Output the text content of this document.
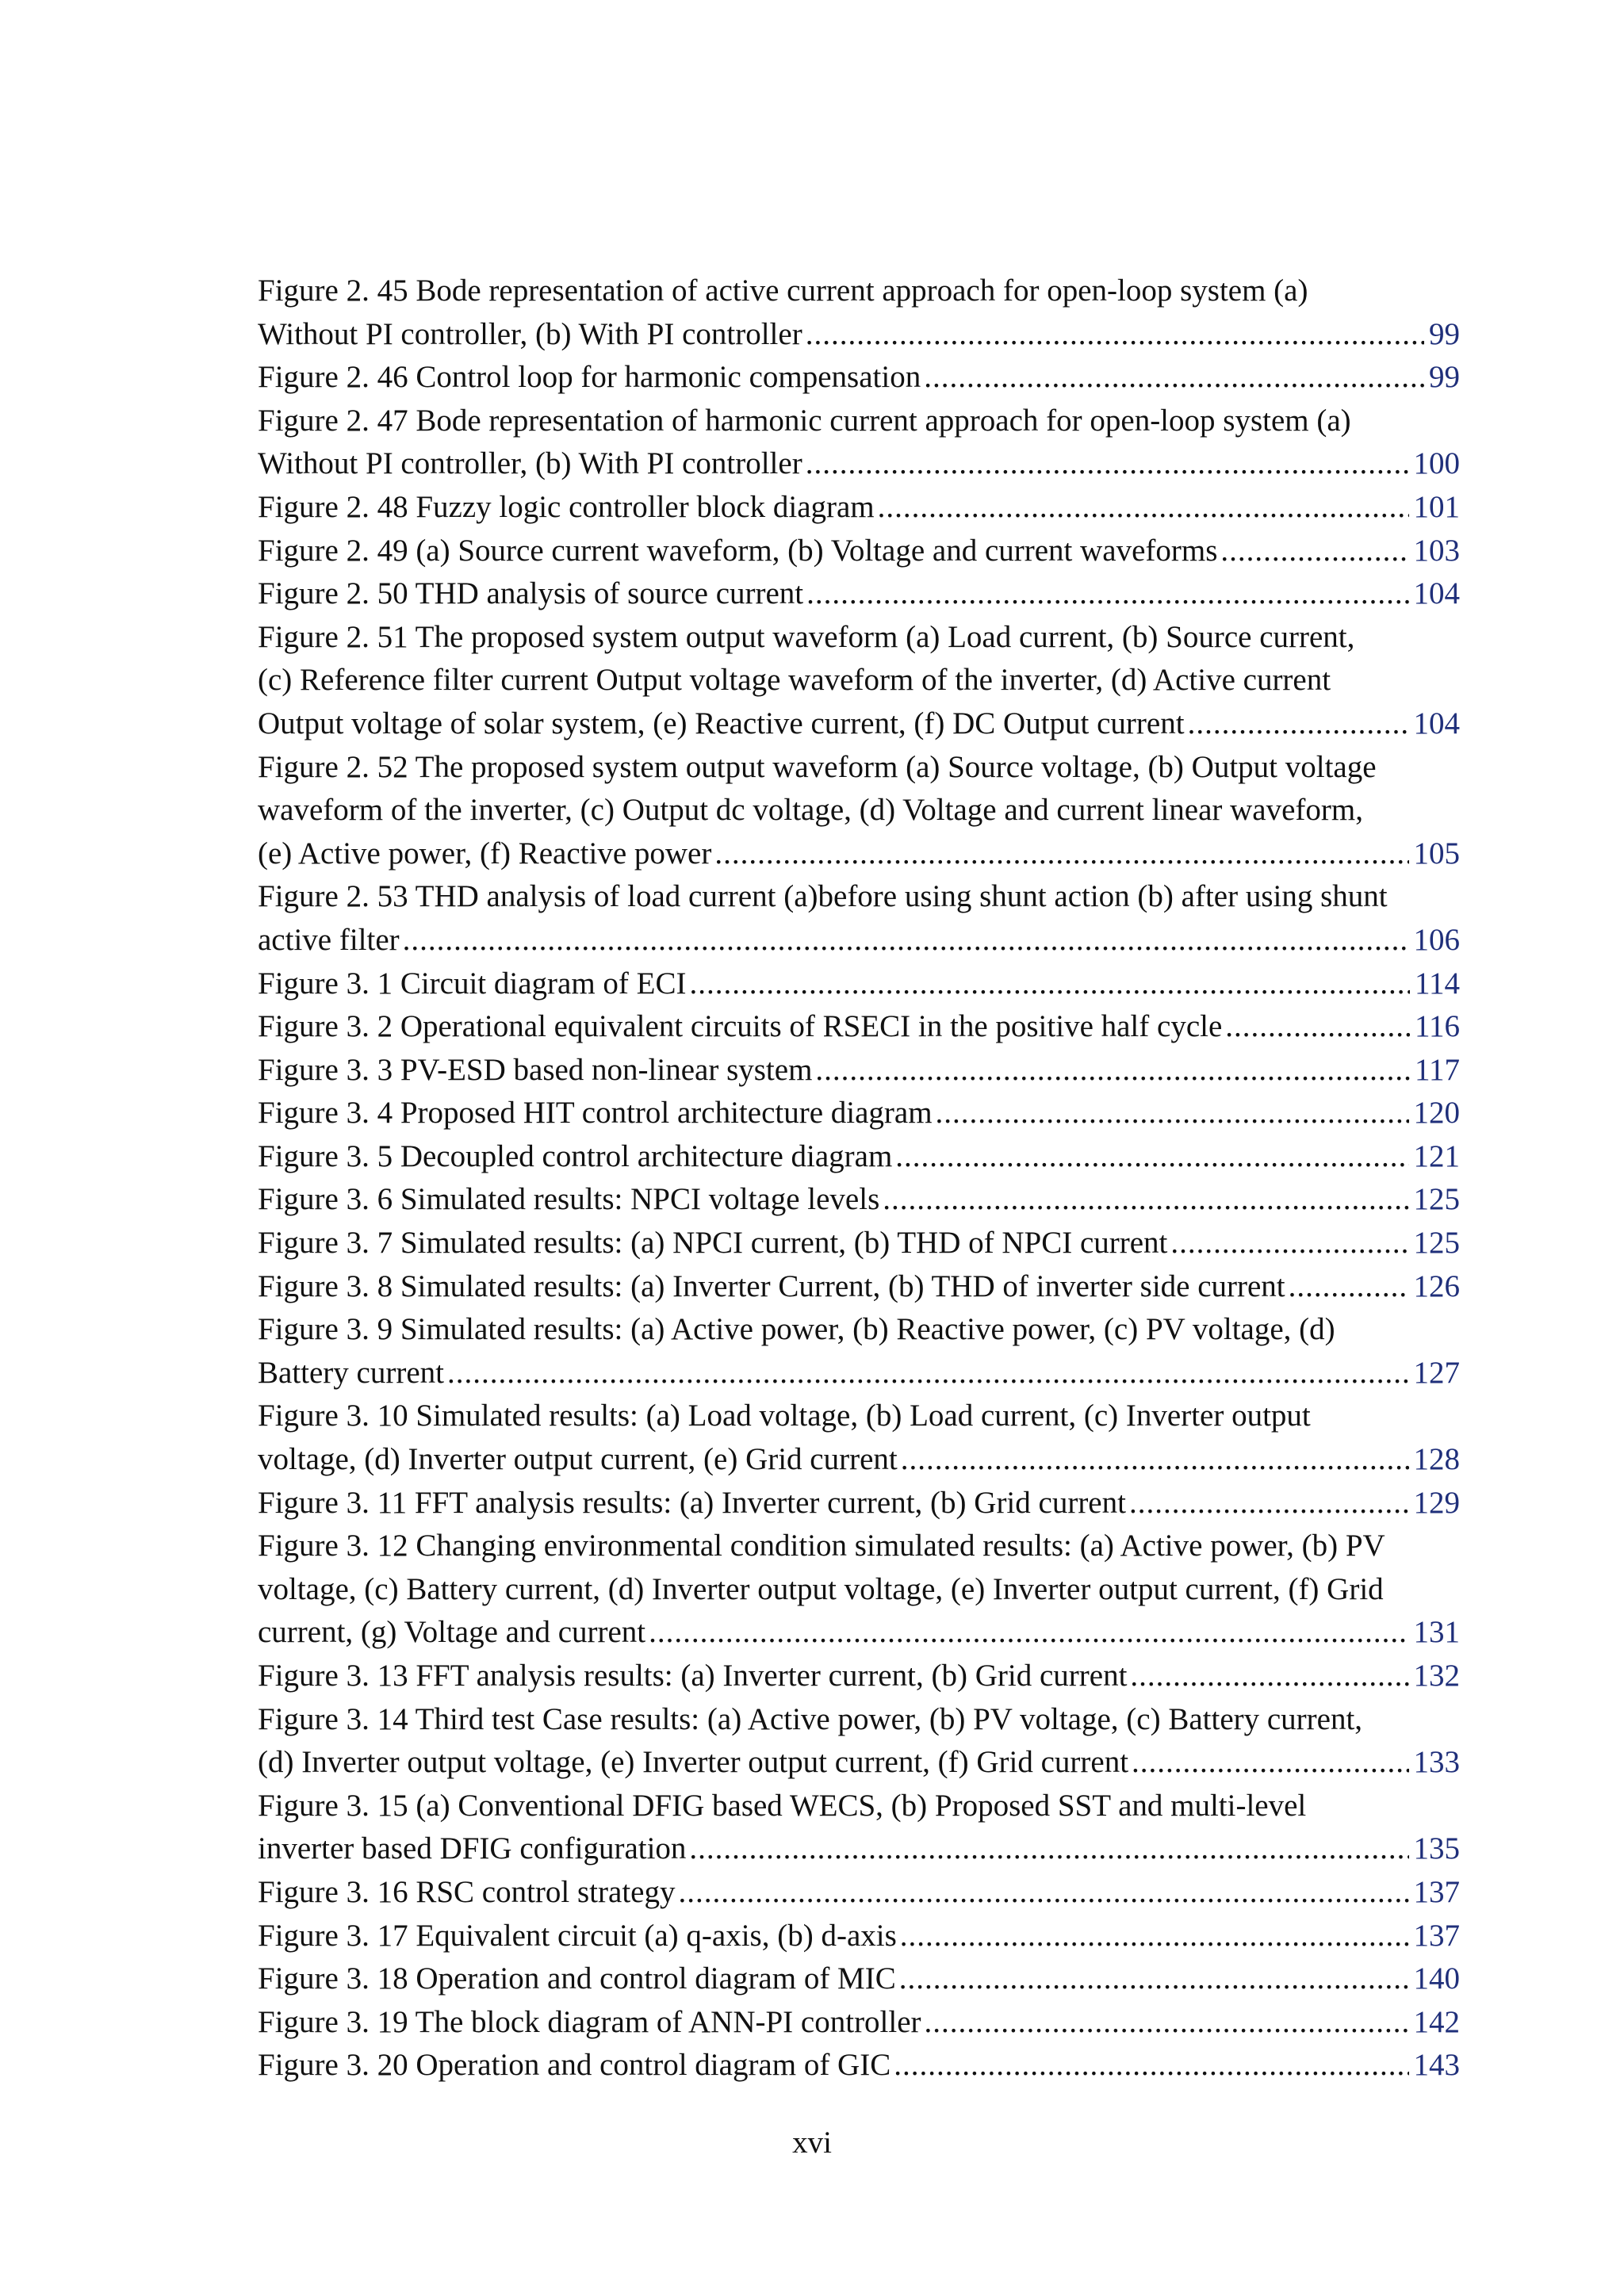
Figure 2. 45 Bode representation of active current approach for open-loop system (a)
Without PI controller, (b) With PI controller .....	99
Figure 2. 46 Control loop for harmonic compensation .....	99
Figure 2. 47 Bode representation of harmonic current approach for open-loop system (a)
Without PI controller, (b) With PI controller .....	100
Figure 2. 48 Fuzzy logic controller block diagram .....	101
Figure 2. 49 (a) Source current waveform, (b) Voltage and current waveforms .....	103
Figure 2. 50 THD analysis of source current .....	104
Figure 2. 51 The proposed system output waveform (a) Load current, (b) Source current,
(c) Reference filter current Output voltage waveform of the inverter, (d) Active current
Output voltage of solar system, (e) Reactive current, (f) DC Output current .....	104
Figure 2. 52 The proposed system output waveform (a) Source voltage, (b) Output voltage
waveform of the inverter, (c) Output dc voltage, (d) Voltage and current linear waveform,
(e) Active power, (f) Reactive power .....	105
Figure 2. 53 THD analysis of load current (a)before using shunt action (b) after using shunt
active filter .....	106
Figure 3. 1 Circuit diagram of ECI .....	114
Figure 3. 2 Operational equivalent circuits of RSECI in the positive half cycle .....	116
Figure 3. 3 PV-ESD based non-linear system .....	117
Figure 3. 4 Proposed HIT control architecture diagram .....	120
Figure 3. 5 Decoupled control architecture diagram .....	121
Figure 3. 6 Simulated results: NPCI voltage levels .....	125
Figure 3. 7 Simulated results: (a) NPCI current, (b) THD of NPCI current .....	125
Figure 3. 8 Simulated results: (a) Inverter Current, (b) THD of inverter side current .....	126
Figure 3. 9 Simulated results: (a) Active power, (b) Reactive power, (c) PV voltage, (d)
Battery current .....	127
Figure 3. 10 Simulated results: (a) Load voltage, (b) Load current, (c) Inverter output
voltage, (d) Inverter output current, (e) Grid current .....	128
Figure 3. 11 FFT analysis results: (a) Inverter current, (b) Grid current .....	129
Figure 3. 12 Changing environmental condition simulated results: (a) Active power, (b) PV
voltage, (c) Battery current, (d) Inverter output voltage, (e) Inverter output current, (f) Grid
current, (g) Voltage and current .....	131
Figure 3. 13 FFT analysis results: (a) Inverter current, (b) Grid current .....	132
Figure 3. 14 Third test Case results: (a) Active power, (b) PV voltage, (c) Battery current,
(d) Inverter output voltage, (e) Inverter output current, (f) Grid current .....	133
Figure 3. 15 (a) Conventional DFIG based WECS, (b) Proposed SST and multi-level
inverter based DFIG configuration .....	135
Figure 3. 16 RSC control strategy .....	137
Figure 3. 17 Equivalent circuit (a) q-axis, (b) d-axis .....	137
Figure 3. 18 Operation and control diagram of MIC .....	140
Figure 3. 19 The block diagram of ANN-PI controller .....	142
Figure 3. 20 Operation and control diagram of GIC .....	143
xvi
